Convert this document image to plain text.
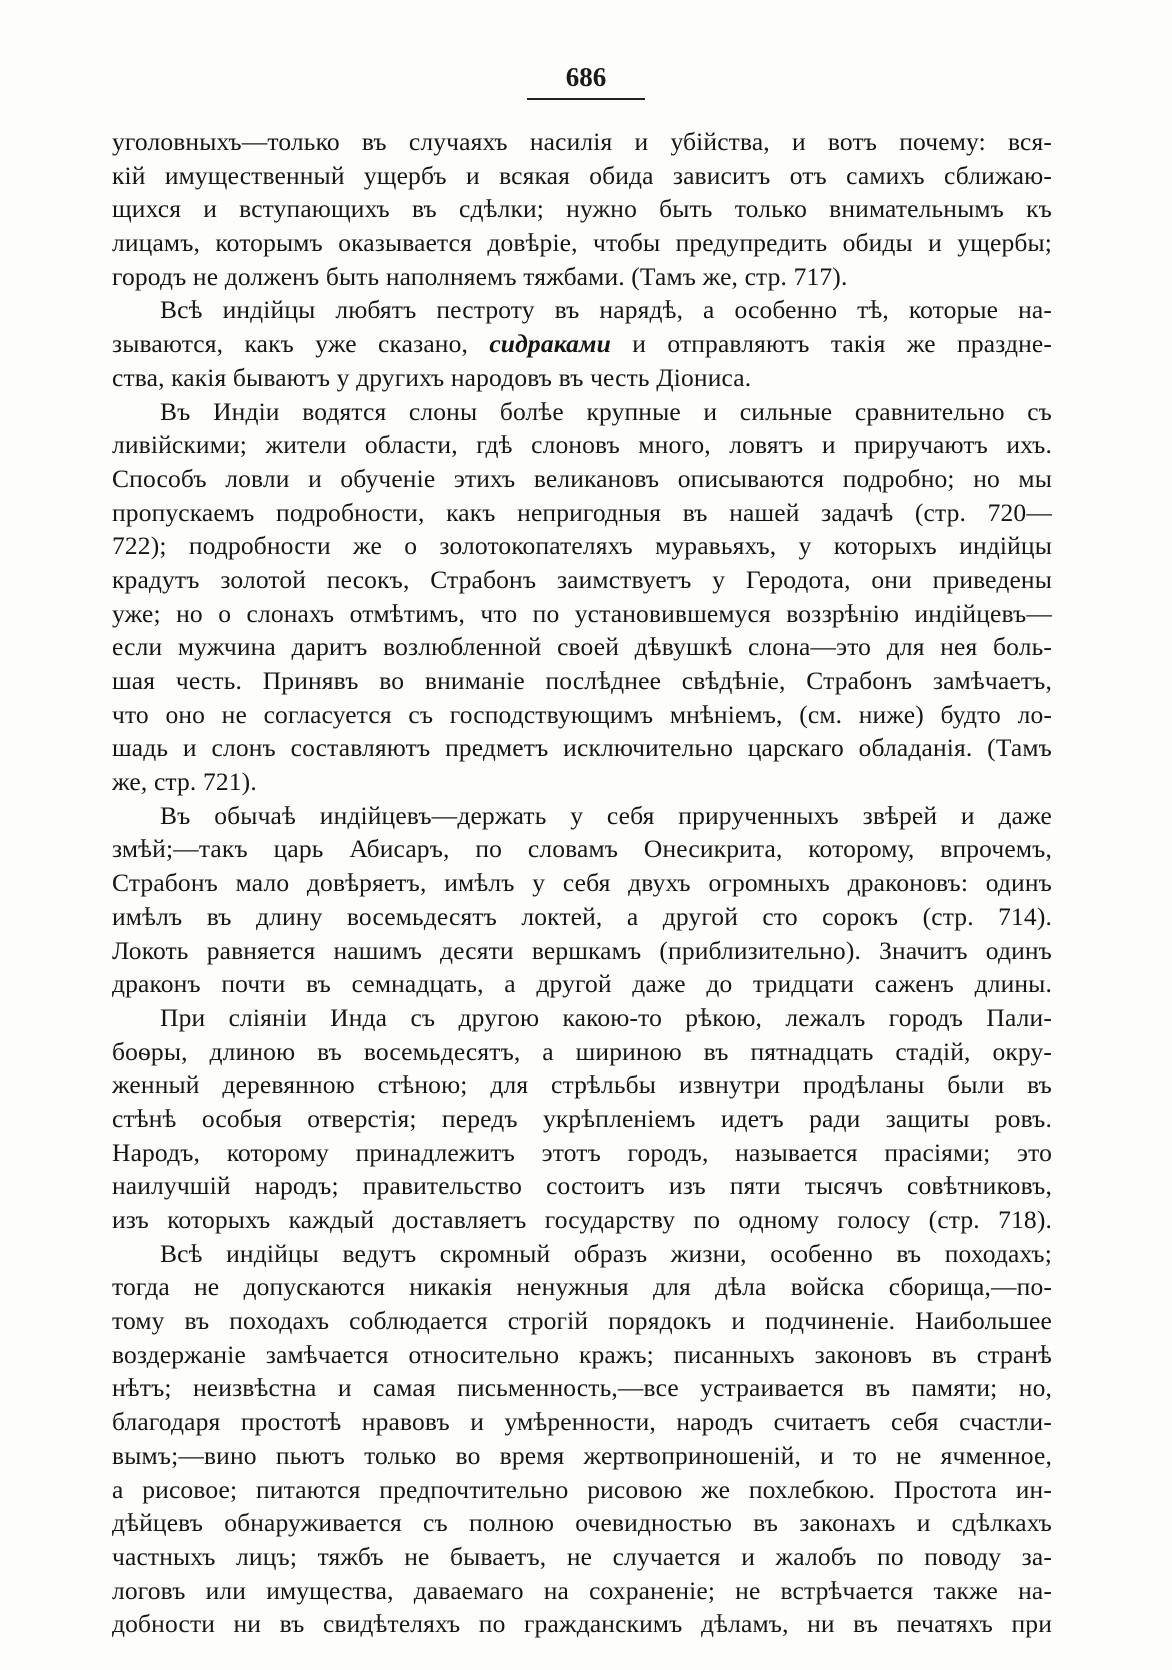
686

уголовныхъ—только въ случаяхъ насилія и убійства, и вотъ почему: вся-
кій имущественный ущербъ и всякая обида зависитъ отъ самихъ сближаю-
щихся и вступающихъ въ сдѣлки; нужно быть только внимательнымъ къ
лицамъ, которымъ оказывается довѣріе, чтобы предупредить обиды и ущербы;
городъ не долженъ быть наполняемъ тяжбами. (Тамъ же, стр. 717).

Всѣ индійцы любятъ пестроту въ нарядѣ, а особенно тѣ, которые на-
зываются, какъ уже сказано, сидраками и отправляютъ такія же праздне-
ства, какія бываютъ у другихъ народовъ въ честь Діониса.

Въ Индіи водятся слоны болѣе крупные и сильные сравнительно съ
ливійскими; жители области, гдѣ слоновъ много, ловятъ и приручаютъ ихъ.
Способъ ловли и обученіе этихъ великановъ описываются подробно; но мы
пропускаемъ подробности, какъ непригодныя въ нашей задачѣ (стр. 720—
722); подробности же о золотокопателяхъ муравьяхъ, у которыхъ индійцы
крадутъ золотой песокъ, Страбонъ заимствуетъ у Геродота, они приведены
уже; но о слонахъ отмѣтимъ, что по установившемуся воззрѣнію индійцевъ—
если мужчина даритъ возлюбленной своей дѣвушкѣ слона—это для нея боль-
шая честь. Принявъ во вниманіе послѣднее свѣдѣніе, Страбонъ замѣчаетъ,
что оно не согласуется съ господствующимъ мнѣніемъ, (см. ниже) будто ло-
шадь и слонъ составляютъ предметъ исключительно царскаго обладанія. (Тамъ
же, стр. 721).

Въ обычаѣ индійцевъ—держать у себя прирученныхъ звѣрей и даже
змѣй;—такъ царь Абисаръ, по словамъ Онесикрита, которому, впрочемъ,
Страбонъ мало довѣряетъ, имѣлъ у себя двухъ огромныхъ драконовъ: одинъ
имѣлъ въ длину восемьдесятъ локтей, а другой сто сорокъ (стр. 714).
Локоть равняется нашимъ десяти вершкамъ (приблизительно). Значитъ одинъ
драконъ почти въ семнадцать, а другой даже до тридцати саженъ длины.

При сліяніи Инда съ другою какою-то рѣкою, лежалъ городъ Пали-
боѳры, длиною въ восемьдесятъ, а шириною въ пятнадцать стадій, окру-
женный деревянною стѣною; для стрѣльбы извнутри продѣланы были въ
стѣнѣ особыя отверстія; передъ укрѣпленіемъ идетъ ради защиты ровъ.
Народъ, которому принадлежитъ этотъ городъ, называется прасіями; это
наилучшій народъ; правительство состоитъ изъ пяти тысячъ совѣтниковъ,
изъ которыхъ каждый доставляетъ государству по одному голосу (стр. 718).

Всѣ индійцы ведутъ скромный образъ жизни, особенно въ походахъ;
тогда не допускаются никакія ненужныя для дѣла войска сборища,—по-
тому въ походахъ соблюдается строгій порядокъ и подчиненіе. Наибольшее
воздержаніе замѣчается относительно кражъ; писанныхъ законовъ въ странѣ
нѣтъ; неизвѣстна и самая письменность,—все устраивается въ памяти; но,
благодаря простотѣ нравовъ и умѣренности, народъ считаетъ себя счастли-
вымъ;—вино пьютъ только во время жертвоприношеній, и то не ячменное,
а рисовое; питаются предпочтительно рисовою же похлебкою. Простота ин-
дѣйцевъ обнаруживается съ полною очевидностью въ законахъ и сдѣлкахъ
частныхъ лицъ; тяжбъ не бываетъ, не случается и жалобъ по поводу за-
логовъ или имущества, даваемаго на сохраненіе; не встрѣчается также на-
добности ни въ свидѣтеляхъ по гражданскимъ дѣламъ, ни въ печатяхъ при
